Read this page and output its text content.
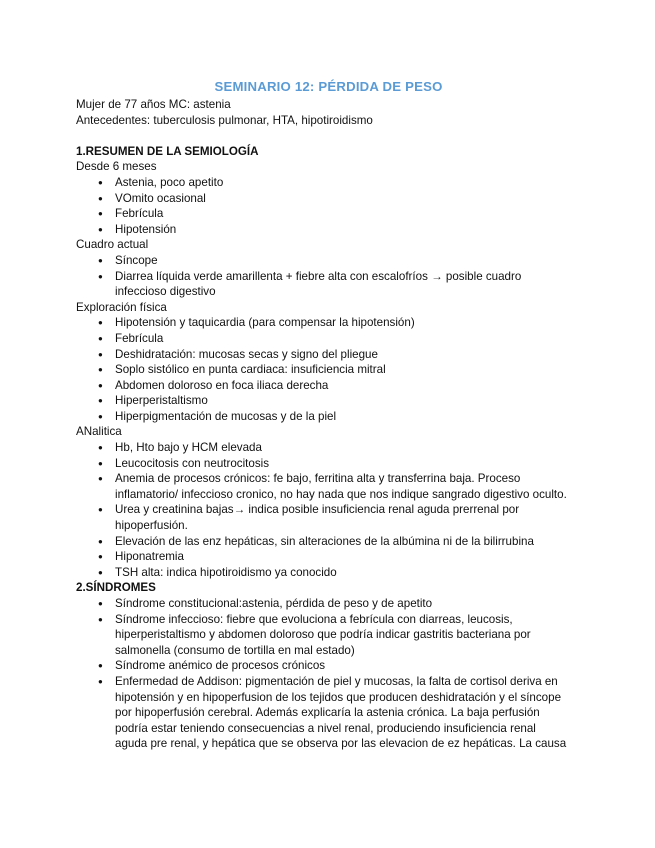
SEMINARIO 12: PÉRDIDA DE PESO
Mujer de 77 años MC: astenia
Antecedentes: tuberculosis pulmonar, HTA, hipotiroidismo
1.RESUMEN DE LA SEMIOLOGÍA
Desde 6 meses
● Astenia, poco apetito
● VOmito ocasional
● Febrícula
● Hipotensión
Cuadro actual
● Síncope
● Diarrea líquida verde amarillenta + fiebre alta con escalofríos → posible cuadro
infeccioso digestivo
Exploración física
● Hipotensión y taquicardia (para compensar la hipotensión)
● Febrícula
● Deshidratación: mucosas secas y signo del pliegue
● Soplo sistólico en punta cardiaca: insuficiencia mitral
● Abdomen doloroso en foca iliaca derecha
● Hiperperistaltismo
● Hiperpigmentación de mucosas y de la piel
ANalitica
● Hb, Hto bajo y HCM elevada
● Leucocitosis con neutrocitosis
● Anemia de procesos crónicos: fe bajo, ferritina alta y transferrina baja. Proceso
inflamatorio/ infeccioso cronico, no hay nada que nos indique sangrado digestivo oculto.
● Urea y creatinina bajas→ indica posible insuficiencia renal aguda prerrenal por
hipoperfusión.
● Elevación de las enz hepáticas, sin alteraciones de la albúmina ni de la bilirrubina
● Hiponatremia
● TSH alta: indica hipotiroidismo ya conocido
2.SÍNDROMES
● Síndrome constitucional:astenia, pérdida de peso y de apetito
● Síndrome infeccioso: fiebre que evoluciona a febrícula con diarreas, leucosis,
hiperperistaltismo y abdomen doloroso que podría indicar gastritis bacteriana por
salmonella (consumo de tortilla en mal estado)
● Síndrome anémico de procesos crónicos
● Enfermedad de Addison: pigmentación de piel y mucosas, la falta de cortisol deriva en
hipotensión y en hipoperfusion de los tejidos que producen deshidratación y el síncope
por hipoperfusión cerebral. Además explicaría la astenia crónica. La baja perfusión
podría estar teniendo consecuencias a nivel renal, produciendo insuficiencia renal
aguda pre renal, y hepática que se observa por las elevacion de ez hepáticas. La causa
